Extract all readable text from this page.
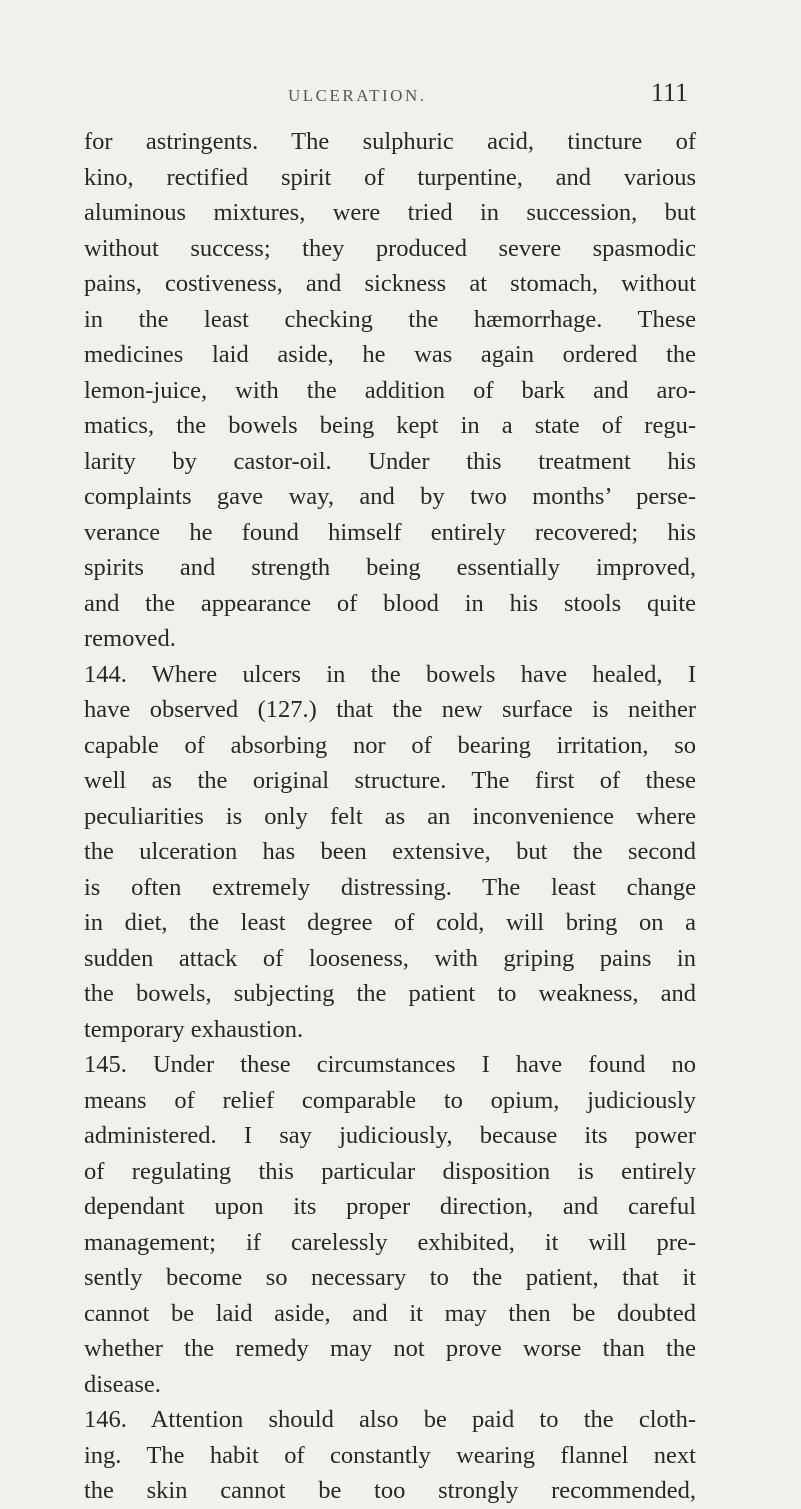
ULCERATION.	111
for astringents. The sulphuric acid, tincture of
kino, rectified spirit of turpentine, and various
aluminous mixtures, were tried in succession, but
without success; they produced severe spasmodic
pains, costiveness, and sickness at stomach, without
in the least checking the hæmorrhage. These
medicines laid aside, he was again ordered the
lemon-juice, with the addition of bark and aro-
matics, the bowels being kept in a state of regu-
larity by castor-oil. Under this treatment his
complaints gave way, and by two months’ perse-
verance he found himself entirely recovered; his
spirits and strength being essentially improved,
and the appearance of blood in his stools quite
removed.
144. Where ulcers in the bowels have healed, I
have observed (127.) that the new surface is neither
capable of absorbing nor of bearing irritation, so
well as the original structure. The first of these
peculiarities is only felt as an inconvenience where
the ulceration has been extensive, but the second
is often extremely distressing. The least change
in diet, the least degree of cold, will bring on a
sudden attack of looseness, with griping pains in
the bowels, subjecting the patient to weakness, and
temporary exhaustion.
145. Under these circumstances I have found no
means of relief comparable to opium, judiciously
administered. I say judiciously, because its power
of regulating this particular disposition is entirely
dependant upon its proper direction, and careful
management; if carelessly exhibited, it will pre-
sently become so necessary to the patient, that it
cannot be laid aside, and it may then be doubted
whether the remedy may not prove worse than the
disease.
146. Attention should also be paid to the cloth-
ing. The habit of constantly wearing flannel next
the skin cannot be too strongly recommended,
